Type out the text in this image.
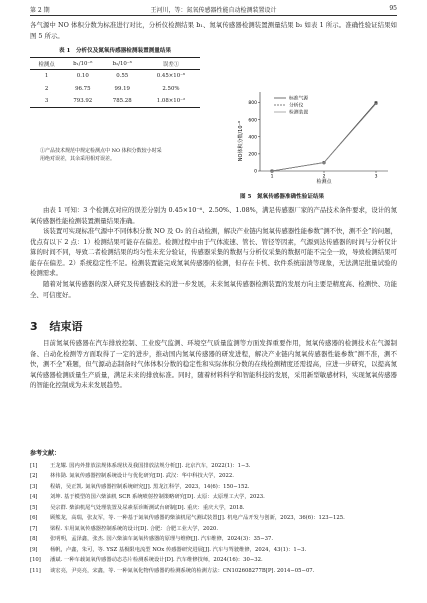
第 2 期	王河川，等：氮氧传感器性能自动检测装置设计	95
各气源中 NO 体积分数为标准进行对比，分析仪检测结果 b₁、氮氧传感器检测装置测量结果 b₂ 如表 1 所示。准确性验证结果如图 5 所示。
表 1　分析仪及氮氧传感器检测装置测量结果
检测点	b₁/10⁻⁶	b₂/10⁻⁶	误差①
1	0.10	0.55	0.45×10⁻⁶
2	96.75	99.19	2.50%
3	793.92	785.28	1.08×10⁻²
①产品技术规范中规定检测点中 NO 体积分数较小时采
用绝对误差，其余采用相对误差。
800
600
400
200
0
1	2	3
标准气源
分析仪
检测装置
NO体积分数/10⁻⁶
检测点
图 5　氮氧传感器准确性验证结果
由表 1 可知：3 个检测点对应的误差分别为 0.45×10⁻⁶、2.50%、1.08%，满足传感器厂家的产品技术条件要求，设计的氮氧传感器性能检测装置测量结果准确。
该装置可实现标准气源中不同体积分数 NO 及 O₂ 的自动检测，解决产业链内氮氧传感器性能参数“测不快，测不全”的问题，优点有以下 2 点：1）检测结果可能存在偏差。检测过程中由于气体流速、管长、管径等因素，气源到达传感器的时间与分析仪计算的时间不同，导致二者检测结果的均匀性未充分验证，传感器采集的数据与分析仪采集的数据可能不完全一致，导致检测结果可能存在偏差。2）系统稳定性不足。检测装置能完成氮氧传感器的检测，但存在卡机、软件系统崩溃等现象，无法满足批量试验的检测需求。
随着对氮氧传感器的深入研究及传感器技术的进一步发展，未来氮氧传感器检测装置的发展方向主要是精度高、检测快、功能全、可信度好。
3 结束语
目前氮氧传感器在汽车排放控制、工业废气监测、环境空气质量监测等方面发挥重要作用，氮氧传感器的检测技术在气源制备、自动化检测等方面取得了一定的进步，推动国内氮氧传感器的研发进程，解决产业链内氮氧传感器性能参数“测不准，测不快，测不全”难题，但气源动态制备时气体体积分数的稳定性和实际体积分数的在线检测精度还需提高，应进一步研究，以提高氮氧传感器检测质量生产质量，满足未来的排放标准。同时，随着材料科学和智能科技的发展，采用新型敏感材料，实现氮氧传感器的智能化控制成为未来发展趋势。
参考文献：
[1] 王龙耀. 国内外排放法规体系现状及我国排放法规分析[J]. 北京汽车，2022(1)：1−3.
[2] 林伟勋. 氮氧传感器控制系统设计与优化研究[D]. 武汉：华中科技大学，2022.
[3] 程婧，吴正凯. 氮氧传感器控制系统研究[J]. 黑龙江科学，2023，14(6)：150−152.
[4] 刘坤. 基于模型的国六柴油机 SCR 系统喷射控制策略研究[D]. 太原：太原理工大学，2023.
[5] 吴宗群. 柴油机尾气处理装置及尿素泵诊断测试台研制[D]. 重庆：重庆大学，2018.
[6] 顾熊龙，高瑞，张友军，等. 一种基于氮氧传感器的柴油机尾气测试装置[J]. 机电产品开发与创新，2023，36(6)：123−125.
[7] 梁程. 车用氮氧传感器控制系统的设计[D]. 合肥：合肥工业大学，2020.
[8] 张明明，孟泽鑫，张杰. 国六柴油车氮氧传感器的原理与维修[J]. 汽车维修，2024(3)：35−37.
[9] 杨帆，卢鑫，朱可，等. YSZ 基极限电流型 NOx 传感器研究进展[J]. 汽车与驾驶维修，2024，43(1)：1−3.
[10] 潘斌. 一种车载氮氧传感器动态芯片检测系统设计[D]. 汽车维修技师，2024(16)：30−32.
[11] 谈宏亮，尹亮亮，宋鑫，等. 一种氮氧化物传感器的检测系统的检测方法：CN102608277B[P]. 2014−05−07.
